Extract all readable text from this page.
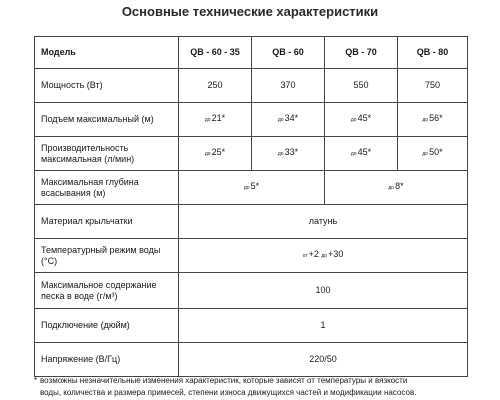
Основные технические характеристики
Модель	QB - 60 - 35	QB - 60	QB - 70	QB - 80
Мощность (Вт)	250	370	550	750
Подъем максимальный (м)	до21*	до34*	до45*	до56*

Производительность
максимальная (л/мин)	до25*	до33*	до45*	до50*

Максимальная глубина
всасывания (м)	до5*		до8*	
Материал крыльчатки	латунь			
Температурный режим воды (°C)	от+2 до+30			

Максимальное содержание
песка в воде (г/м³)	100			
Подключение (дюйм)	1			
Напряжение (В/Гц)	220/50			
* возможны незначительные изменения характеристик, которые зависят от температуры и вязкости
воды, количества и размера примесей, степени износа движущихся частей и модификации насосов.
